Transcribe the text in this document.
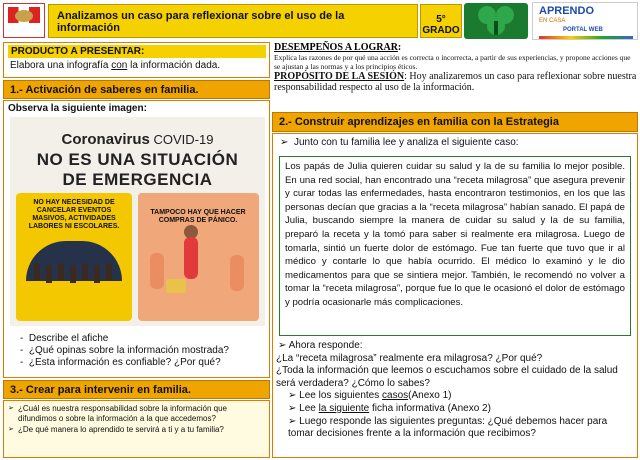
Analizamos un caso para reflexionar sobre el uso de la información
5° GRADO
APRENDO
EN CASA
PORTAL WEB
PRODUCTO A PRESENTAR:
Elabora una infografía con la información dada.
DESEMPEÑOS A LOGRAR:
Explica las razones de por qué una acción es correcta o incorrecta, a partir de sus experiencias, y propone acciones que se ajustan a las normas y a los principios éticos.
PROPÓSITO DE LA SESIÓN: Hoy analizaremos un caso para reflexionar sobre nuestra responsabilidad respecto al uso de la información.
1.- Activación de saberes en familia.
Observa la siguiente imagen:
Coronavirus COVID-19
NO ES UNA SITUACIÓN
DE EMERGENCIA
NO HAY NECESIDAD DE CANCELAR EVENTOS MASIVOS, ACTIVIDADES LABORES NI ESCOLARES.
TAMPOCO HAY QUE HACER COMPRAS DE PÁNICO.
-  Describe el afiche
-  ¿Qué opinas sobre la información mostrada?
-  ¿Esta información es confiable? ¿Por qué?
3.- Crear para intervenir en familia.
➢ ¿Cuál es nuestra responsabilidad sobre la información que difundimos o sobre la información a la que accedemos?
➢ ¿De qué manera lo aprendido te servirá a ti y a tu familia?
2.- Construir aprendizajes en familia con la Estrategia
➢ Junto con tu familia lee y analiza el siguiente caso:
Los papás de Julia quieren cuidar su salud y la de su familia lo mejor posible. En una red social, han encontrado una “receta milagrosa” que asegura prevenir y curar todas las enfermedades, hasta encontraron testimonios, en los que las personas decían que gracias a la “receta milagrosa” habían sanado. El papá de Julia, buscando siempre la manera de cuidar su salud y la de su familia, preparó la receta y la tomó para saber si realmente era milagrosa. Luego de tomarla, sintió un fuerte dolor de estómago. Fue tan fuerte que tuvo que ir al médico y contarle lo que había ocurrido. El médico lo examinó y le dio medicamentos para que se sintiera mejor. También, le recomendó no volver a tomar la “receta milagrosa”, porque fue lo que le ocasionó el dolor de estómago y podría ocasionarle más complicaciones.
➢ Ahora responde:
¿La “receta milagrosa” realmente era milagrosa? ¿Por qué?
¿Toda la información que leemos o escuchamos sobre el cuidado de la salud será verdadera? ¿Cómo lo sabes?
➢ Lee los siguientes casos(Anexo 1)
➢ Lee la siguiente ficha informativa (Anexo 2)
➢ Luego responde las siguientes preguntas: ¿Qué debemos hacer para tomar decisiones frente a la información que recibimos?
